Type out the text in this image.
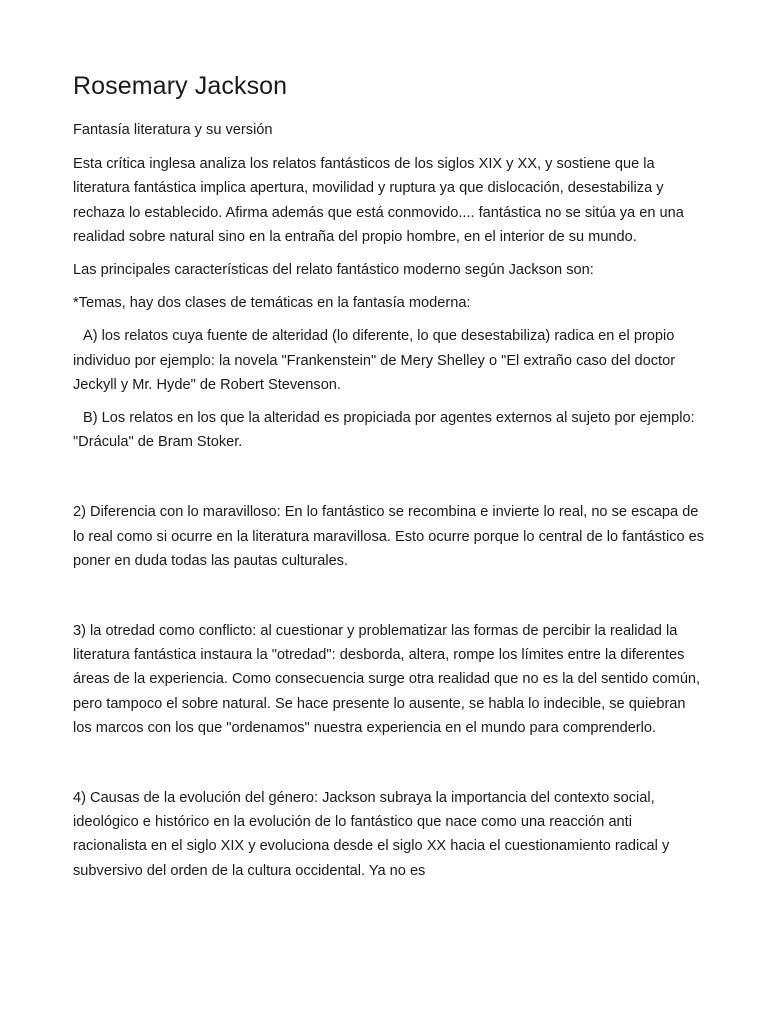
Rosemary Jackson

Fantasía literatura y su versión

Esta crítica inglesa analiza los relatos fantásticos de los siglos XIX y XX, y sostiene que la literatura fantástica implica apertura, movilidad y ruptura ya que dislocación, desestabiliza y rechaza lo establecido. Afirma además que está conmovido.... fantástica no se sitúa ya en una realidad sobre natural sino en la entraña del propio hombre, en el interior de su mundo.

Las principales características del relato fantástico moderno según Jackson son:

*Temas, hay dos clases de temáticas en la fantasía moderna:

A) los relatos cuya fuente de alteridad (lo diferente, lo que desestabiliza) radica en el propio individuo por ejemplo: la novela "Frankenstein" de Mery Shelley o "El extraño caso del doctor Jeckyll y Mr. Hyde" de Robert Stevenson.

B) Los relatos en los que la alteridad es propiciada por agentes externos al sujeto por ejemplo: "Drácula" de Bram Stoker.

2) Diferencia con lo maravilloso: En lo fantástico se recombina e invierte lo real, no se escapa de lo real como si ocurre en la literatura maravillosa. Esto ocurre porque lo central de lo fantástico es poner en duda todas las pautas culturales.

3) la otredad como conflicto: al cuestionar y problematizar las formas de percibir la realidad la literatura fantástica instaura la "otredad": desborda, altera, rompe los límites entre la diferentes áreas de la experiencia. Como consecuencia surge otra realidad que no es la del sentido común, pero tampoco el sobre natural. Se hace presente lo ausente, se habla lo indecible, se quiebran los marcos con los que "ordenamos" nuestra experiencia en el mundo para comprenderlo.

4) Causas de la evolución del género: Jackson subraya la importancia del contexto social, ideológico e histórico en la evolución de lo fantástico que nace como una reacción anti racionalista en el siglo XIX y evoluciona desde el siglo XX hacia el cuestionamiento radical y subversivo del orden de la cultura occidental. Ya no es
